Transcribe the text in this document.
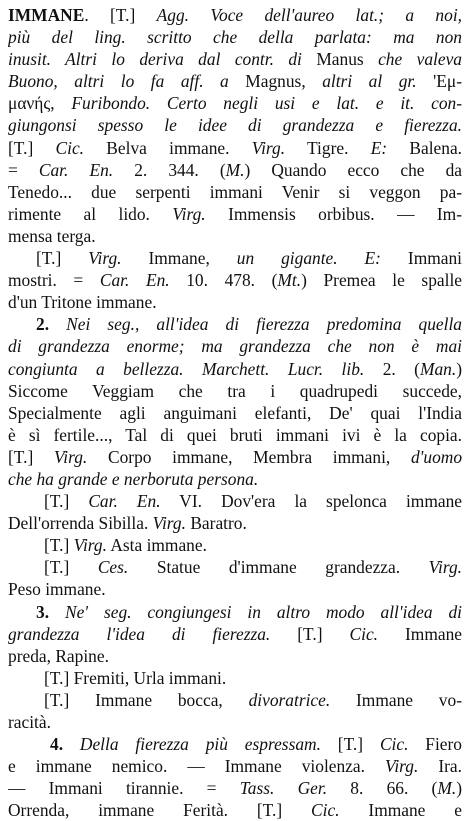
IMMANE. [T.] Agg. Voce dell'aureo lat.; a noi,
più del ling. scritto che della parlata: ma non
inusit. Altri lo deriva dal contr. di Manus che valeva
Buono, altri lo fa aff. a Magnus, altri al gr. 'Εμ-
μανής, Furibondo. Certo negli usi e lat. e it. con-
giungonsi spesso le idee di grandezza e fierezza.
[T.] Cic. Belva immane. Virg. Tigre. E: Balena.
= Car. En. 2. 344. (M.) Quando ecco che da
Tenedo... due serpenti immani Venir si veggon pa-
rimente al lido. Virg. Immensis orbibus. — Im-
mensa terga.
[T.] Virg. Immane, un gigante. E: Immani
mostri. = Car. En. 10. 478. (Mt.) Premea le spalle
d'un Tritone immane.
2. Nei seg., all'idea di fierezza predomina quella
di grandezza enorme; ma grandezza che non è mai
congiunta a bellezza. Marchett. Lucr. lib. 2. (Man.)
Siccome Veggiam che tra i quadrupedi succede,
Specialmente agli anguimani elefanti, De' quai l'India
è sì fertile..., Tal di quei bruti immani ivi è la copia.
[T.] Virg. Corpo immane, Membra immani, d'uomo
che ha grande e nerboruta persona.
[T.] Car. En. VI. Dov'era la spelonca immane
Dell'orrenda Sibilla. Virg. Baratro.
[T.] Virg. Asta immane.
[T.] Ces. Statue d'immane grandezza. Virg.
Peso immane.
3. Ne' seg. congiungesi in altro modo all'idea di
grandezza l'idea di fierezza. [T.] Cic. Immane
preda, Rapine.
[T.] Fremiti, Urla immani.
[T.] Immane bocca, divoratrice. Immane vo-
racità.
4. Della fierezza più espressam. [T.] Cic. Fiero
e immane nemico. — Immane violenza. Virg. Ira.
— Immani tirannie. = Tass. Ger. 8. 66. (M.)
Orrenda, immane Ferità. [T.] Cic. Immane e
